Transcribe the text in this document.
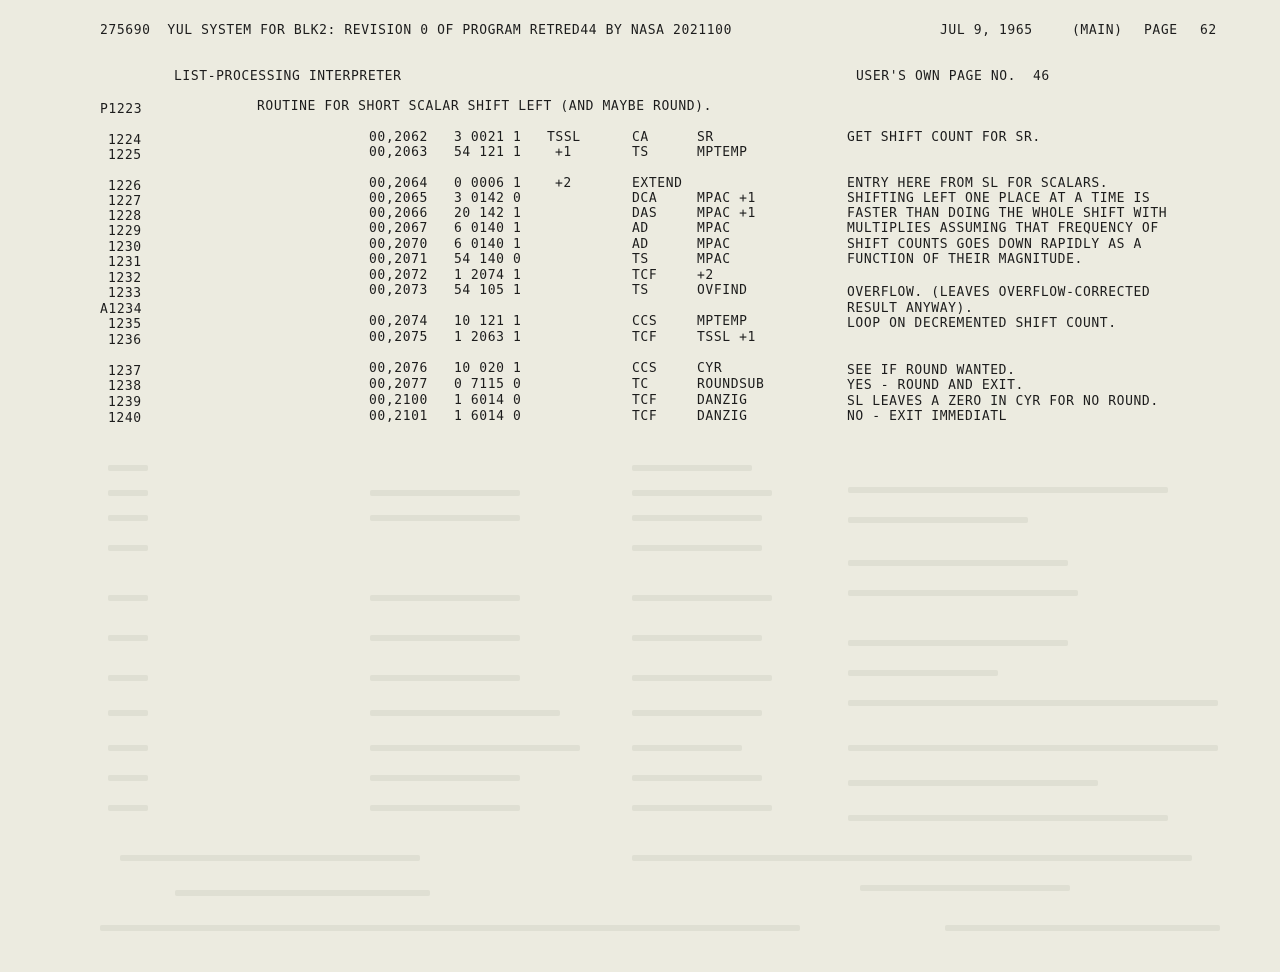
275690  YUL SYSTEM FOR BLK2: REVISION 0 OF PROGRAM RETRED44 BY NASA 2021100	JUL 9, 1965	(MAIN) PAGE 62
LIST-PROCESSING INTERPRETER	USER'S OWN PAGE NO.  46
P1223	ROUTINE FOR SHORT SCALAR SHIFT LEFT (AND MAYBE ROUND).
1224	00,2062 3 0021 1 TSSL	CA	SR	GET SHIFT COUNT FOR SR.
1225	00,2063 54 121 1	+1	TS	MPTEMP
1226	00,2064 0 0006 1	+2	EXTEND	ENTRY HERE FROM SL FOR SCALARS.
1227	00,2065 3 0142 0	DCA	MPAC +1	SHIFTING LEFT ONE PLACE AT A TIME IS
1228	00,2066 20 142 1	DAS	MPAC +1	FASTER THAN DOING THE WHOLE SHIFT WITH
1229	00,2067 6 0140 1	AD	MPAC	MULTIPLIES ASSUMING THAT FREQUENCY OF
1230	00,2070 6 0140 1	AD	MPAC	SHIFT COUNTS GOES DOWN RAPIDLY AS A
1231	00,2071 54 140 0	TS	MPAC	FUNCTION OF THEIR MAGNITUDE.
1232	00,2072 1 2074 1	TCF	+2
1233	00,2073 54 105 1	TS	OVFIND	OVERFLOW. (LEAVES OVERFLOW-CORRECTED
A1234	RESULT ANYWAY).
1235	00,2074 10 121 1	CCS	MPTEMP	LOOP ON DECREMENTED SHIFT COUNT.
1236	00,2075 1 2063 1	TCF	TSSL +1
1237	00,2076 10 020 1	CCS	CYR	SEE IF ROUND WANTED.
1238	00,2077 0 7115 0	TC	ROUNDSUB	YES - ROUND AND EXIT.
1239	00,2100 1 6014 0	TCF	DANZIG	SL LEAVES A ZERO IN CYR FOR NO ROUND.
1240	00,2101 1 6014 0	TCF	DANZIG	NO - EXIT IMMEDIATL
